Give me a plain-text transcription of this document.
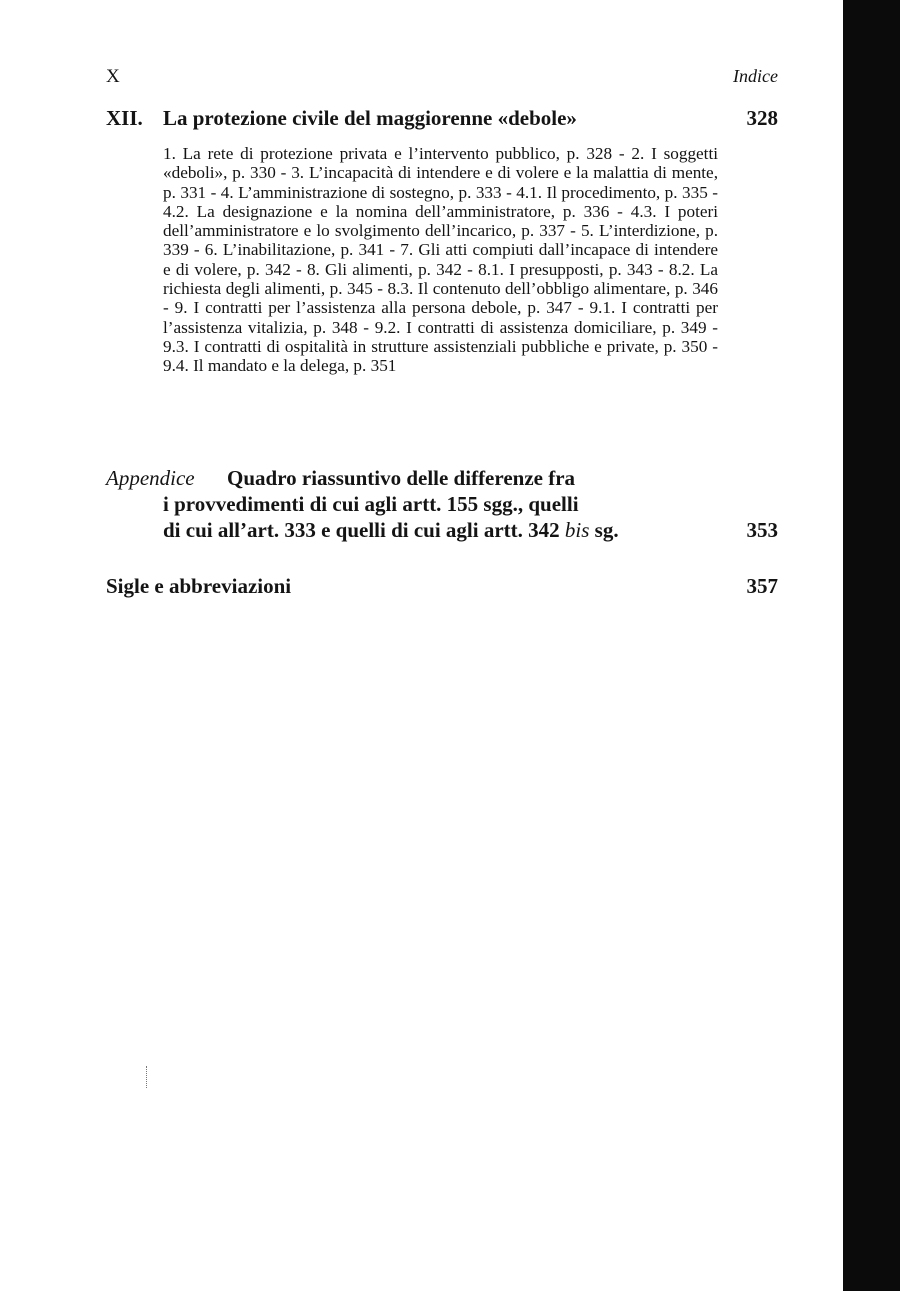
X	Indice
XII. La protezione civile del maggiorenne «debole»	328

1. La rete di protezione privata e l’intervento pubblico, p. 328 - 2. I soggetti «deboli», p. 330 - 3. L’incapacità di intendere e di volere e la malattia di mente, p. 331 - 4. L’amministrazione di sostegno, p. 333 - 4.1. Il procedimento, p. 335 - 4.2. La designazione e la nomina dell’amministratore, p. 336 - 4.3. I poteri dell’amministratore e lo svolgimento dell’incarico, p. 337 - 5. L’interdizione, p. 339 - 6. L’inabilitazione, p. 341 - 7. Gli atti compiuti dall’incapace di intendere e di volere, p. 342 - 8. Gli alimenti, p. 342 - 8.1. I presupposti, p. 343 - 8.2. La richiesta degli alimenti, p. 345 - 8.3. Il contenuto dell’obbligo alimentare, p. 346 - 9. I contratti per l’assistenza alla persona debole, p. 347 - 9.1. I contratti per l’assistenza vitalizia, p. 348 - 9.2. I contratti di assistenza domiciliare, p. 349 - 9.3. I contratti di ospitalità in strutture assistenziali pubbliche e private, p. 350 - 9.4. Il mandato e la delega, p. 351

Appendice Quadro riassuntivo delle differenze fra
i provvedimenti di cui agli artt. 155 sgg., quelli
di cui all’art. 333 e quelli di cui agli artt. 342 bis sg.	353
Sigle e abbreviazioni	357
